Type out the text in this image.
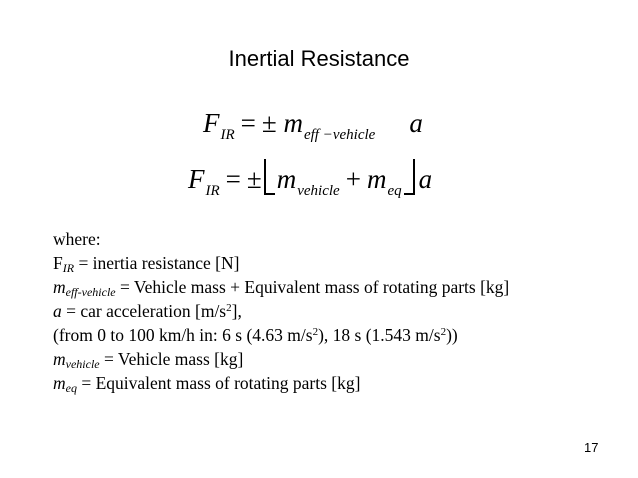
Inertial Resistance
$F_{IR}$ = ± $m_{eff -vehicle}$ a
$F_{IR}$ = ± $m_{vehicle} + m_{eq}$ a
where:
FIR = inertia resistance [N]
meff-vehicle = Vehicle mass + Equivalent mass of rotating parts [kg]
a = car acceleration $[m/s^2]$,
(from 0 to 100 km/h in: 6 s (4.63 $m/s^2$), 18 s (1.543 $m/s^2$))
mvehicle = Vehicle mass [kg]
meq = Equivalent mass of rotating parts [kg]
17
